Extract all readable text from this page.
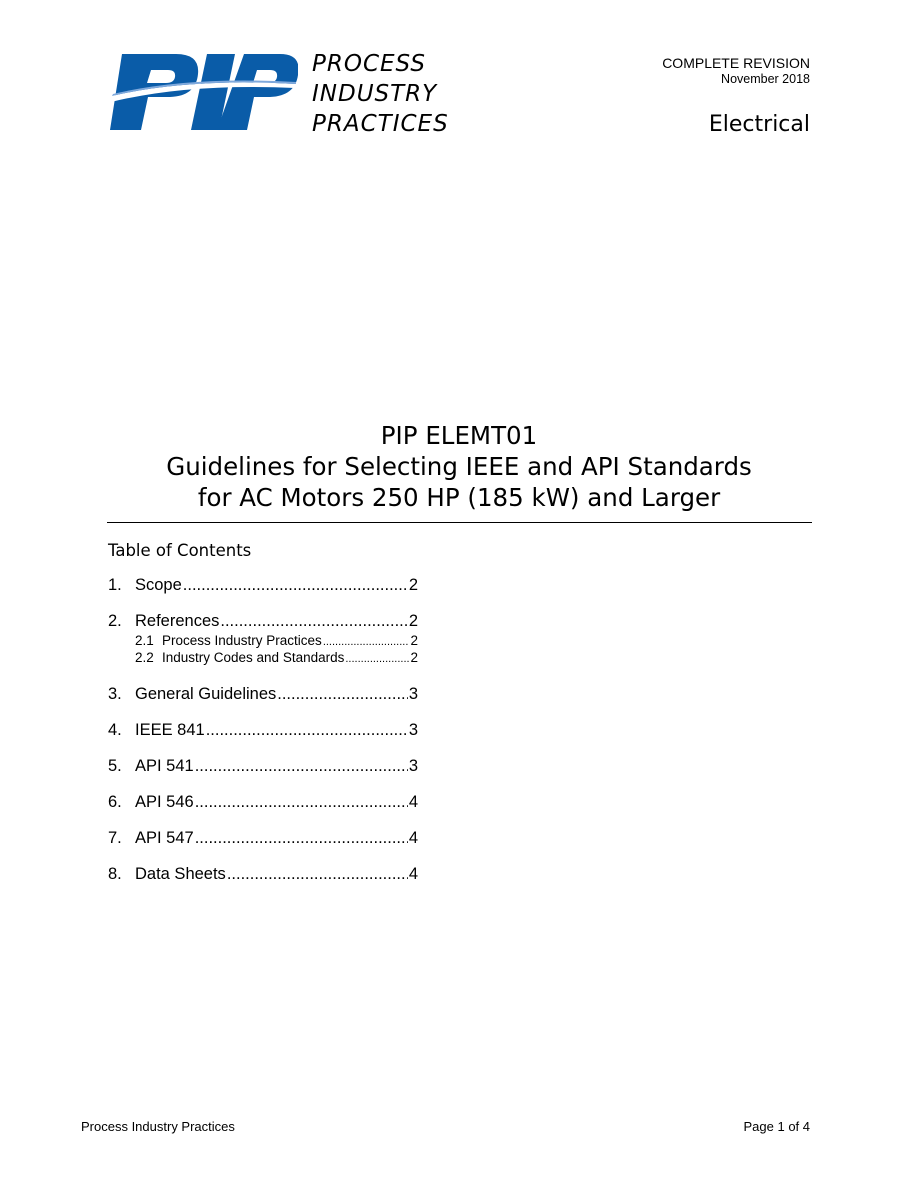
PROCESS
INDUSTRY
PRACTICES
COMPLETE REVISION
November 2018
Electrical
PIP ELEMT01
Guidelines for Selecting IEEE and API Standards
for AC Motors 250 HP (185 kW) and Larger
Table of Contents
1. Scope .....	2
2. References .....	2
2.1 Process Industry Practices .....	2
2.2 Industry Codes and Standards .....	2
3. General Guidelines .....	3
4. IEEE 841 .....	3
5. API 541 .....	3
6. API 546 .....	4
7. API 547 .....	4
8. Data Sheets .....	4
Process Industry Practices	Page 1 of 4
